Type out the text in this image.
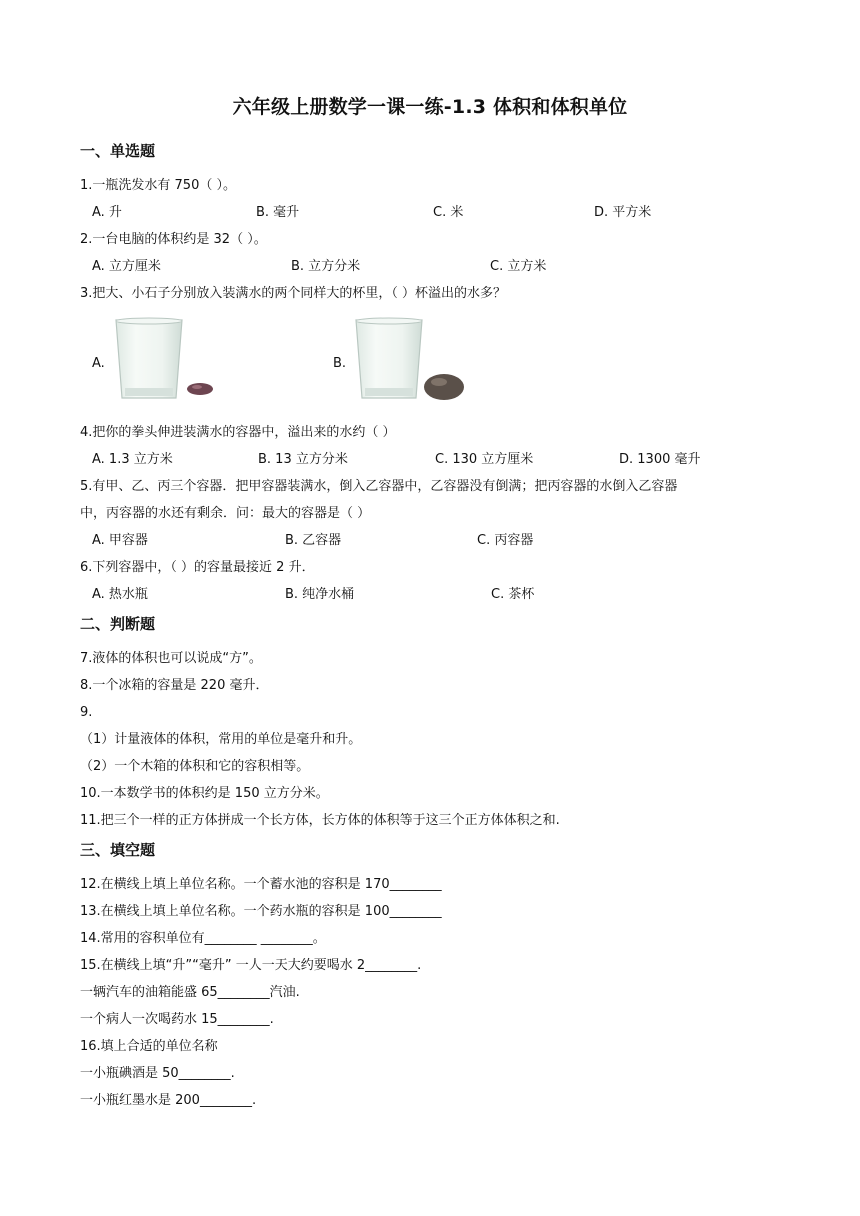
六年级上册数学一课一练-1.3 体积和体积单位
一、单选题
1.一瓶洗发水有 750（ ）。
A. 升	B. 毫升	C. 米	D. 平方米
2.一台电脑的体积约是 32（ ）。
A. 立方厘米	B. 立方分米	C. 立方米
3.把大、小石子分别放入装满水的两个同样大的杯里，（ ）杯溢出的水多？
A.	B.
4.把你的拳头伸进装满水的容器中，溢出来的水约（ ）
A. 1.3 立方米	B. 13 立方分米	C. 130 立方厘米	D. 1300 毫升
5.有甲、乙、丙三个容器．把甲容器装满水，倒入乙容器中，乙容器没有倒满；把丙容器的水倒入乙容器
中，丙容器的水还有剩余．问：最大的容器是（ ）
A. 甲容器	B. 乙容器	C. 丙容器
6.下列容器中，（ ）的容量最接近 2 升．
A. 热水瓶	B. 纯净水桶	C. 茶杯
二、判断题
7.液体的体积也可以说成“方”。
8.一个冰箱的容量是 220 毫升．
9.
（1）计量液体的体积，常用的单位是毫升和升。
（2）一个木箱的体积和它的容积相等。
10.一本数学书的体积约是 150 立方分米。
11.把三个一样的正方体拼成一个长方体，长方体的体积等于这三个正方体体积之和.
三、填空题
12.在横线上填上单位名称。一个蓄水池的容积是 170________
13.在横线上填上单位名称。一个药水瓶的容积是 100________
14.常用的容积单位有________ ________。
15.在横线上填“升”“毫升” 一人一天大约要喝水 2________.
一辆汽车的油箱能盛 65________汽油.
一个病人一次喝药水 15________.
16.填上合适的单位名称
一小瓶碘酒是 50________.
一小瓶红墨水是 200________.
